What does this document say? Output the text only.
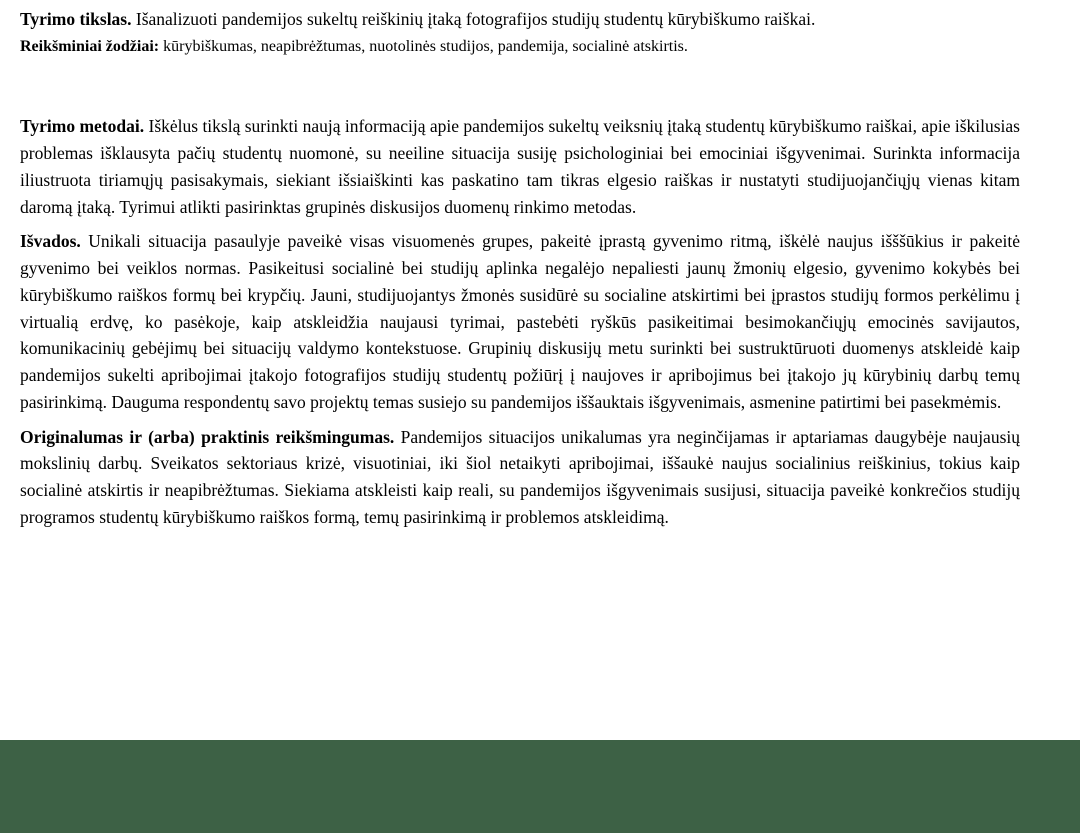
Tyrimo tikslas. Išanalizuoti pandemijos sukeltų reiškinių įtaką fotografijos studijų studentų kūrybiškumo raiškai.

Reikšminiai žodžiai: kūrybiškumas, neapibrėžtumas, nuotolinės studijos, pandemija, socialinė atskirtis.

Tyrimo metodai. Iškėlus tikslą surinkti naują informaciją apie pandemijos sukeltų veiksnių įtaką studentų kūrybiškumo raiškai, apie iškilusias problemas išklausyta pačių studentų nuomonė, su neeiline situacija susiję psichologiniai bei emociniai išgyvenimai. Surinkta informacija iliustruota tiriamųjų pasisakymais, siekiant išsiaiškinti kas paskatino tam tikras elgesio raiškas ir nustatyti studijuojančiųjų vienas kitam daromą įtaką. Tyrimui atlikti pasirinktas grupinės diskusijos duomenų rinkimo metodas.

Išvados. Unikali situacija pasaulyje paveikė visas visuomenės grupes, pakeitė įprastą gyvenimo ritmą, iškėlė naujus išššūkius ir pakeitė gyvenimo bei veiklos normas. Pasikeitusi socialinė bei studijų aplinka negalėjo nepaliesti jaunų žmonių elgesio, gyvenimo kokybės bei kūrybiškumo raiškos formų bei krypčių. Jauni, studijuojantys žmonės susidūrė su socialine atskirtimi bei įprastos studijų formos perkėlimu į virtualią erdvę, ko pasėkoje, kaip atskleidžia naujausi tyrimai, pastebėti ryškūs pasikeitimai besimokančiųjų emocinės savijautos, komunikacinių gebėjimų bei situacijų valdymo kontekstuose. Grupinių diskusijų metu surinkti bei sustruktūruoti duomenys atskleidė kaip pandemijos sukelti apribojimai įtakojo fotografijos studijų studentų požiūrį į naujoves ir apribojimus bei įtakojo jų kūrybinių darbų temų pasirinkimą. Dauguma respondentų savo projektų temas susiejo su pandemijos iššauktais išgyvenimais, asmenine patirtimi bei pasekmėmis.

Originalumas ir (arba) praktinis reikšmingumas. Pandemijos situacijos unikalumas yra neginčijamas ir aptariamas daugybėje naujausių mokslinių darbų. Sveikatos sektoriaus krizė, visuotiniai, iki šiol netaikyti apribojimai, iššaukė naujus socialinius reiškinius, tokius kaip socialinė atskirtis ir neapibrėžtumas. Siekiama atskleisti kaip reali, su pandemijos išgyvenimais susijusi, situacija paveikė konkrečios studijų programos studentų kūrybiškumo raiškos formą, temų pasirinkimą ir problemos atskleidimą.
